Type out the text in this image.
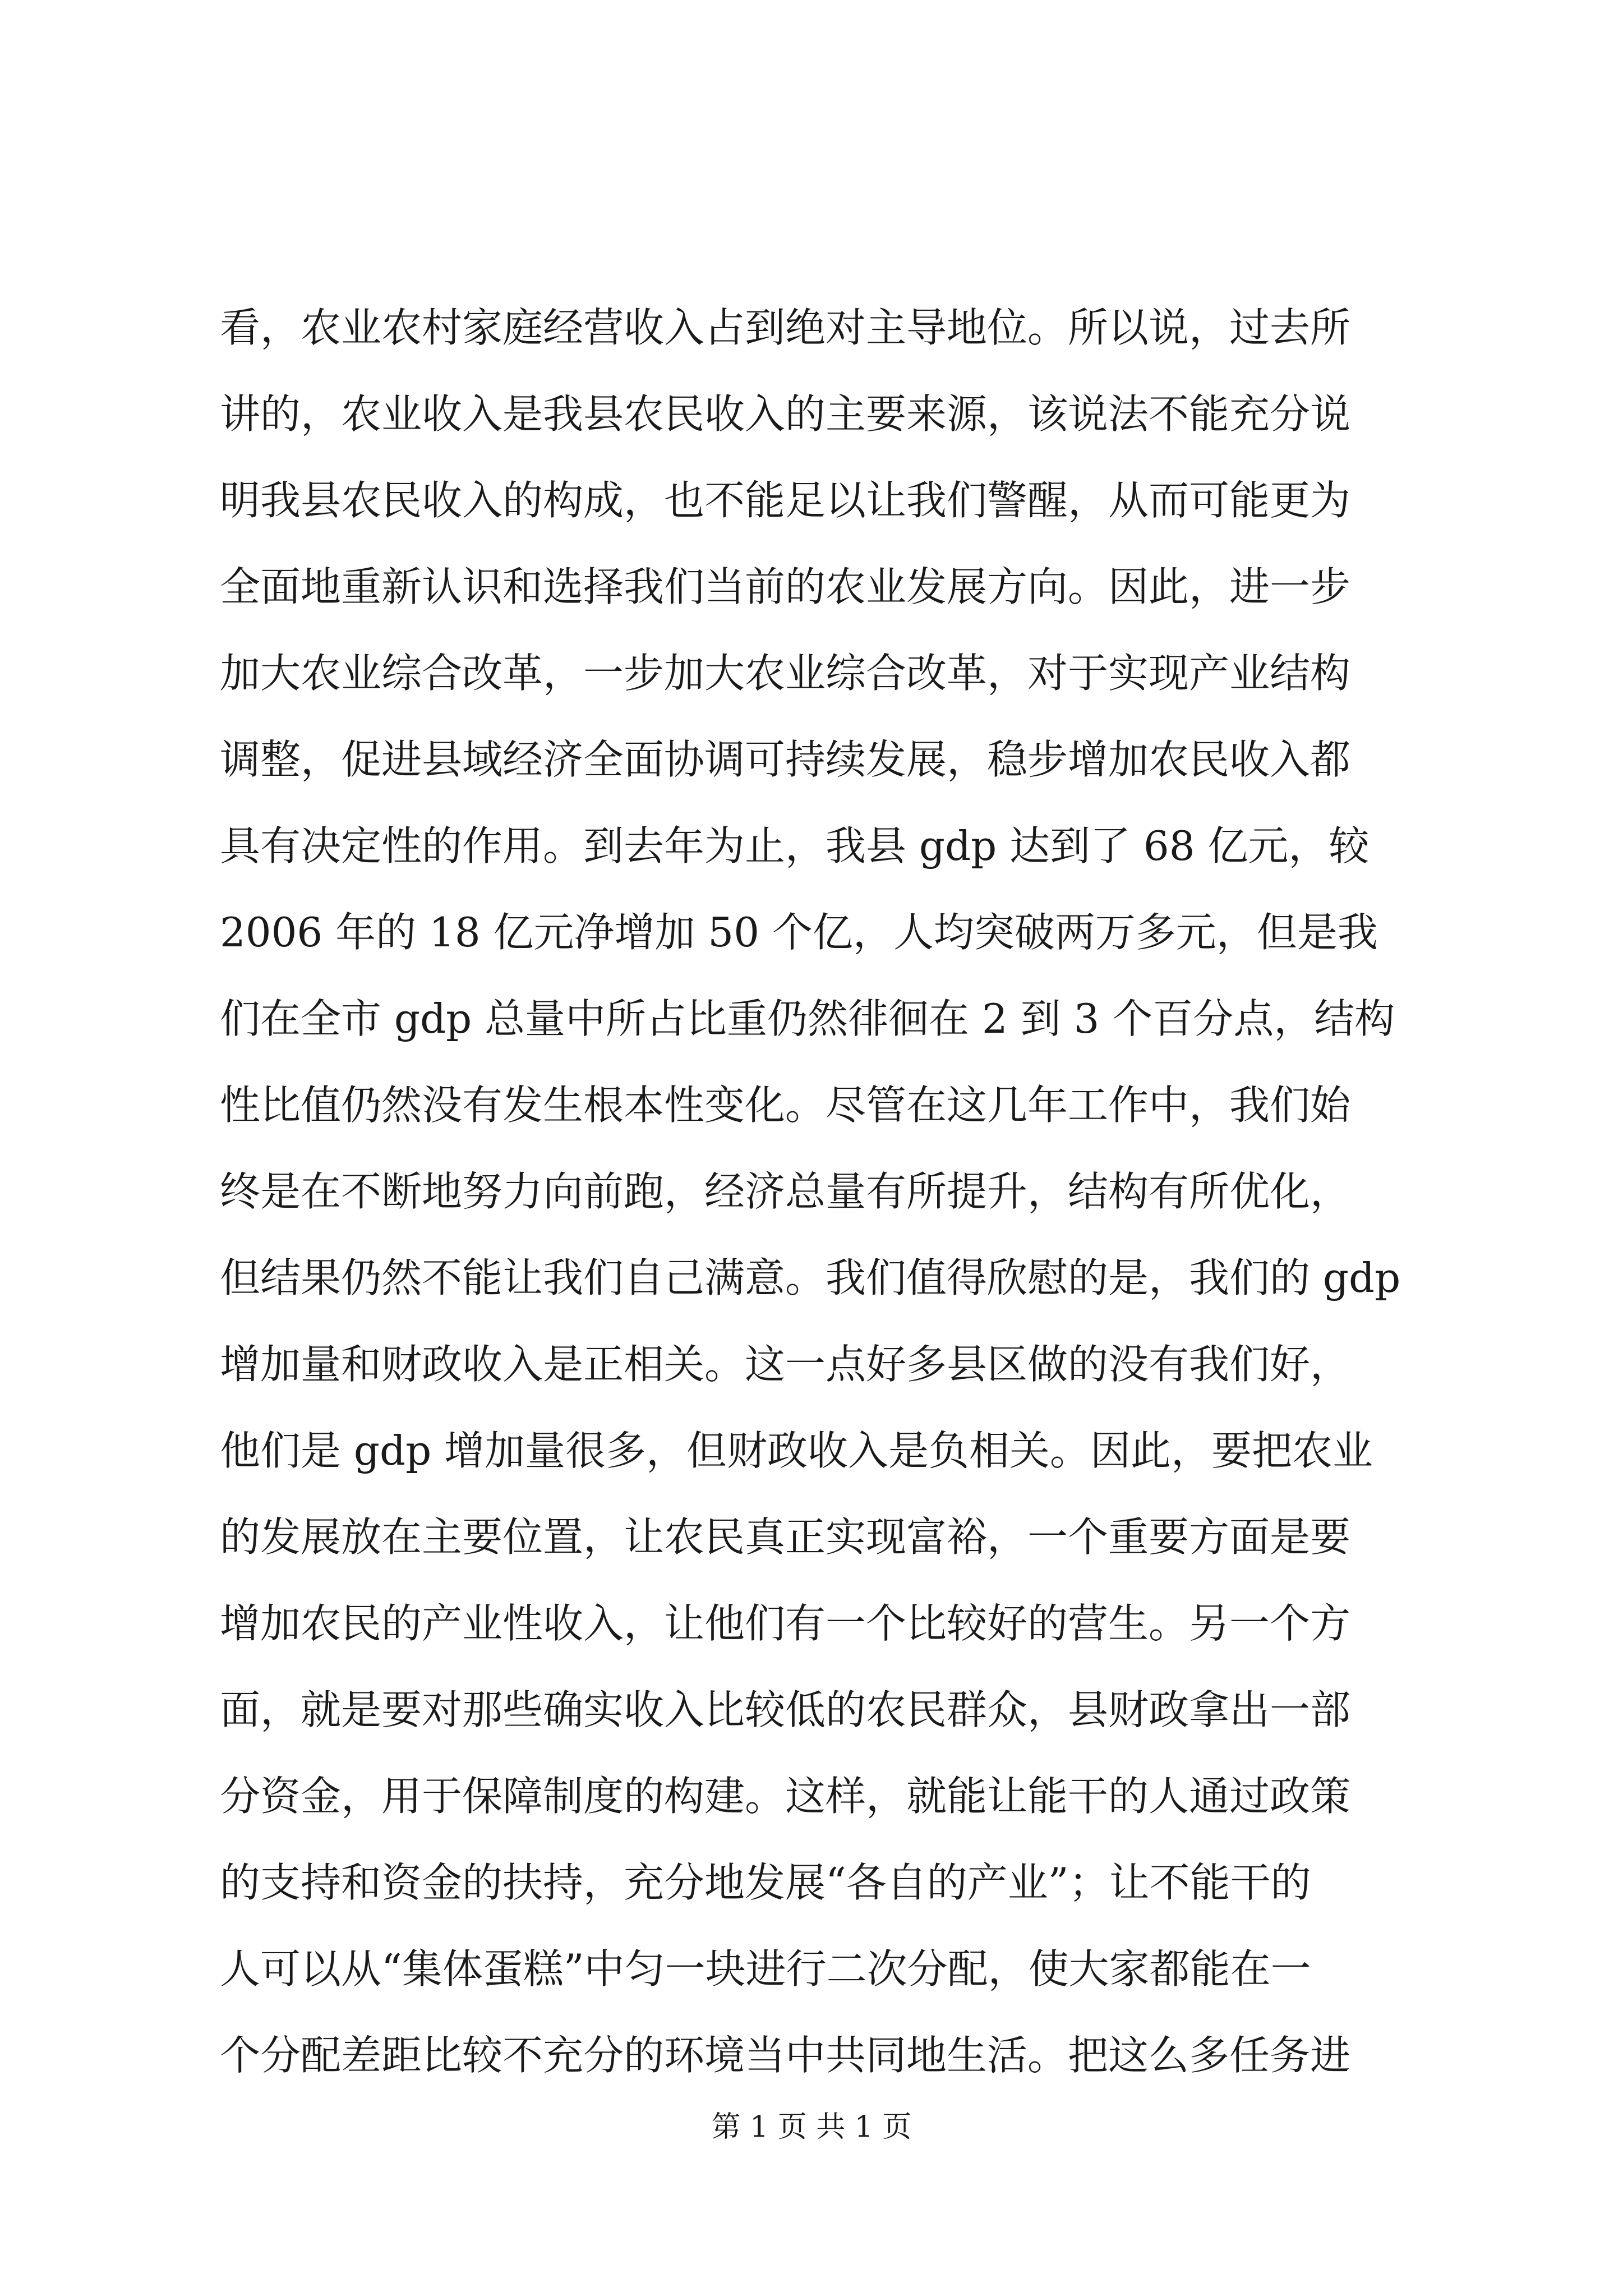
看，农业农村家庭经营收入占到绝对主导地位。所以说，过去所
讲的，农业收入是我县农民收入的主要来源，该说法不能充分说
明我县农民收入的构成，也不能足以让我们警醒，从而可能更为
全面地重新认识和选择我们当前的农业发展方向。因此，进一步
加大农业综合改革，一步加大农业综合改革，对于实现产业结构
调整，促进县域经济全面协调可持续发展，稳步增加农民收入都
具有决定性的作用。到去年为止，我县 gdp 达到了 68 亿元，较
2006 年的 18 亿元净增加 50 个亿，人均突破两万多元，但是我
们在全市 gdp 总量中所占比重仍然徘徊在 2 到 3 个百分点，结构
性比值仍然没有发生根本性变化。尽管在这几年工作中，我们始
终是在不断地努力向前跑，经济总量有所提升，结构有所优化，
但结果仍然不能让我们自己满意。我们值得欣慰的是，我们的 gdp
增加量和财政收入是正相关。这一点好多县区做的没有我们好，
他们是 gdp 增加量很多，但财政收入是负相关。因此，要把农业
的发展放在主要位置，让农民真正实现富裕，一个重要方面是要
增加农民的产业性收入，让他们有一个比较好的营生。另一个方
面，就是要对那些确实收入比较低的农民群众，县财政拿出一部
分资金，用于保障制度的构建。这样，就能让能干的人通过政策
的支持和资金的扶持，充分地发展“各自的产业”；让不能干的
人可以从“集体蛋糕”中匀一块进行二次分配，使大家都能在一
个分配差距比较不充分的环境当中共同地生活。把这么多任务进
第 1 页 共 1 页
